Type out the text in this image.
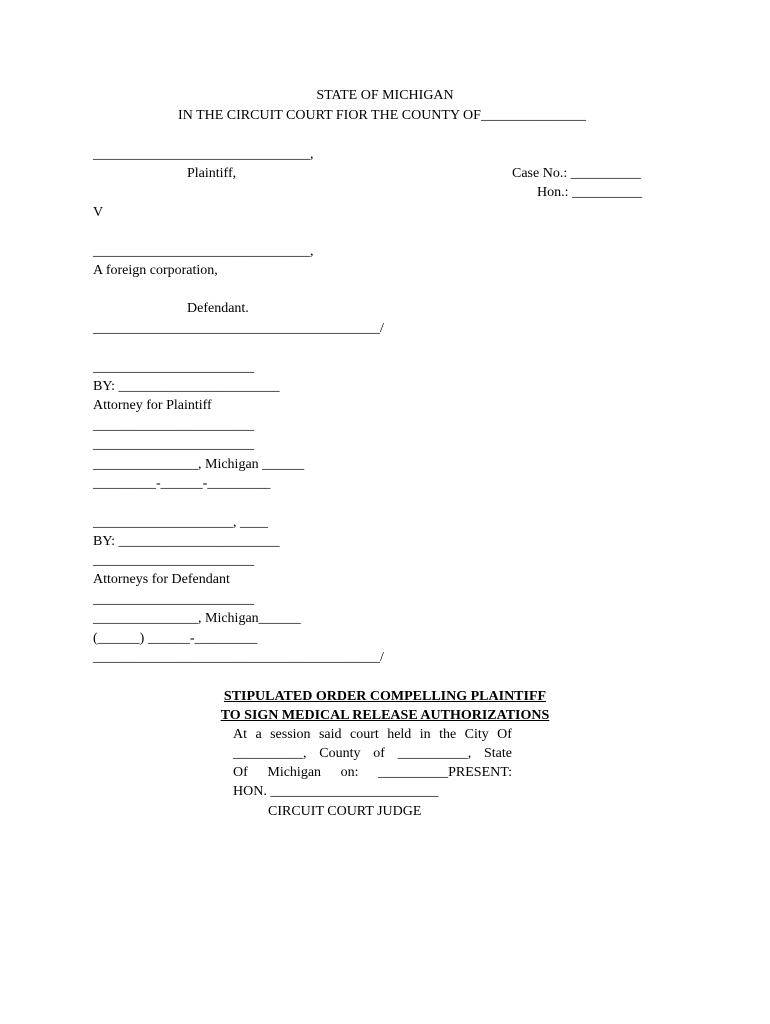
STATE OF MICHIGAN
IN THE CIRCUIT COURT FIOR THE COUNTY OF_______________
_______________________________,
Plaintiff,	Case No.: __________
Hon.: __________
V
_______________________________,
A foreign corporation,
Defendant.
_________________________________________/
_______________________
BY: _______________________
Attorney for Plaintiff
_______________________
_______________________
_______________, Michigan ______
_________-______-_________
____________________, ____
BY: _______________________
_______________________
Attorneys for Defendant
_______________________
_______________, Michigan______
(______) ______-_________
_________________________________________/
STIPULATED ORDER COMPELLING PLAINTIFF
TO SIGN MEDICAL RELEASE AUTHORIZATIONS
At a session said court held in the City Of
__________, County of __________, State
Of Michigan on: __________PRESENT:
HON. ________________________
CIRCUIT COURT JUDGE
